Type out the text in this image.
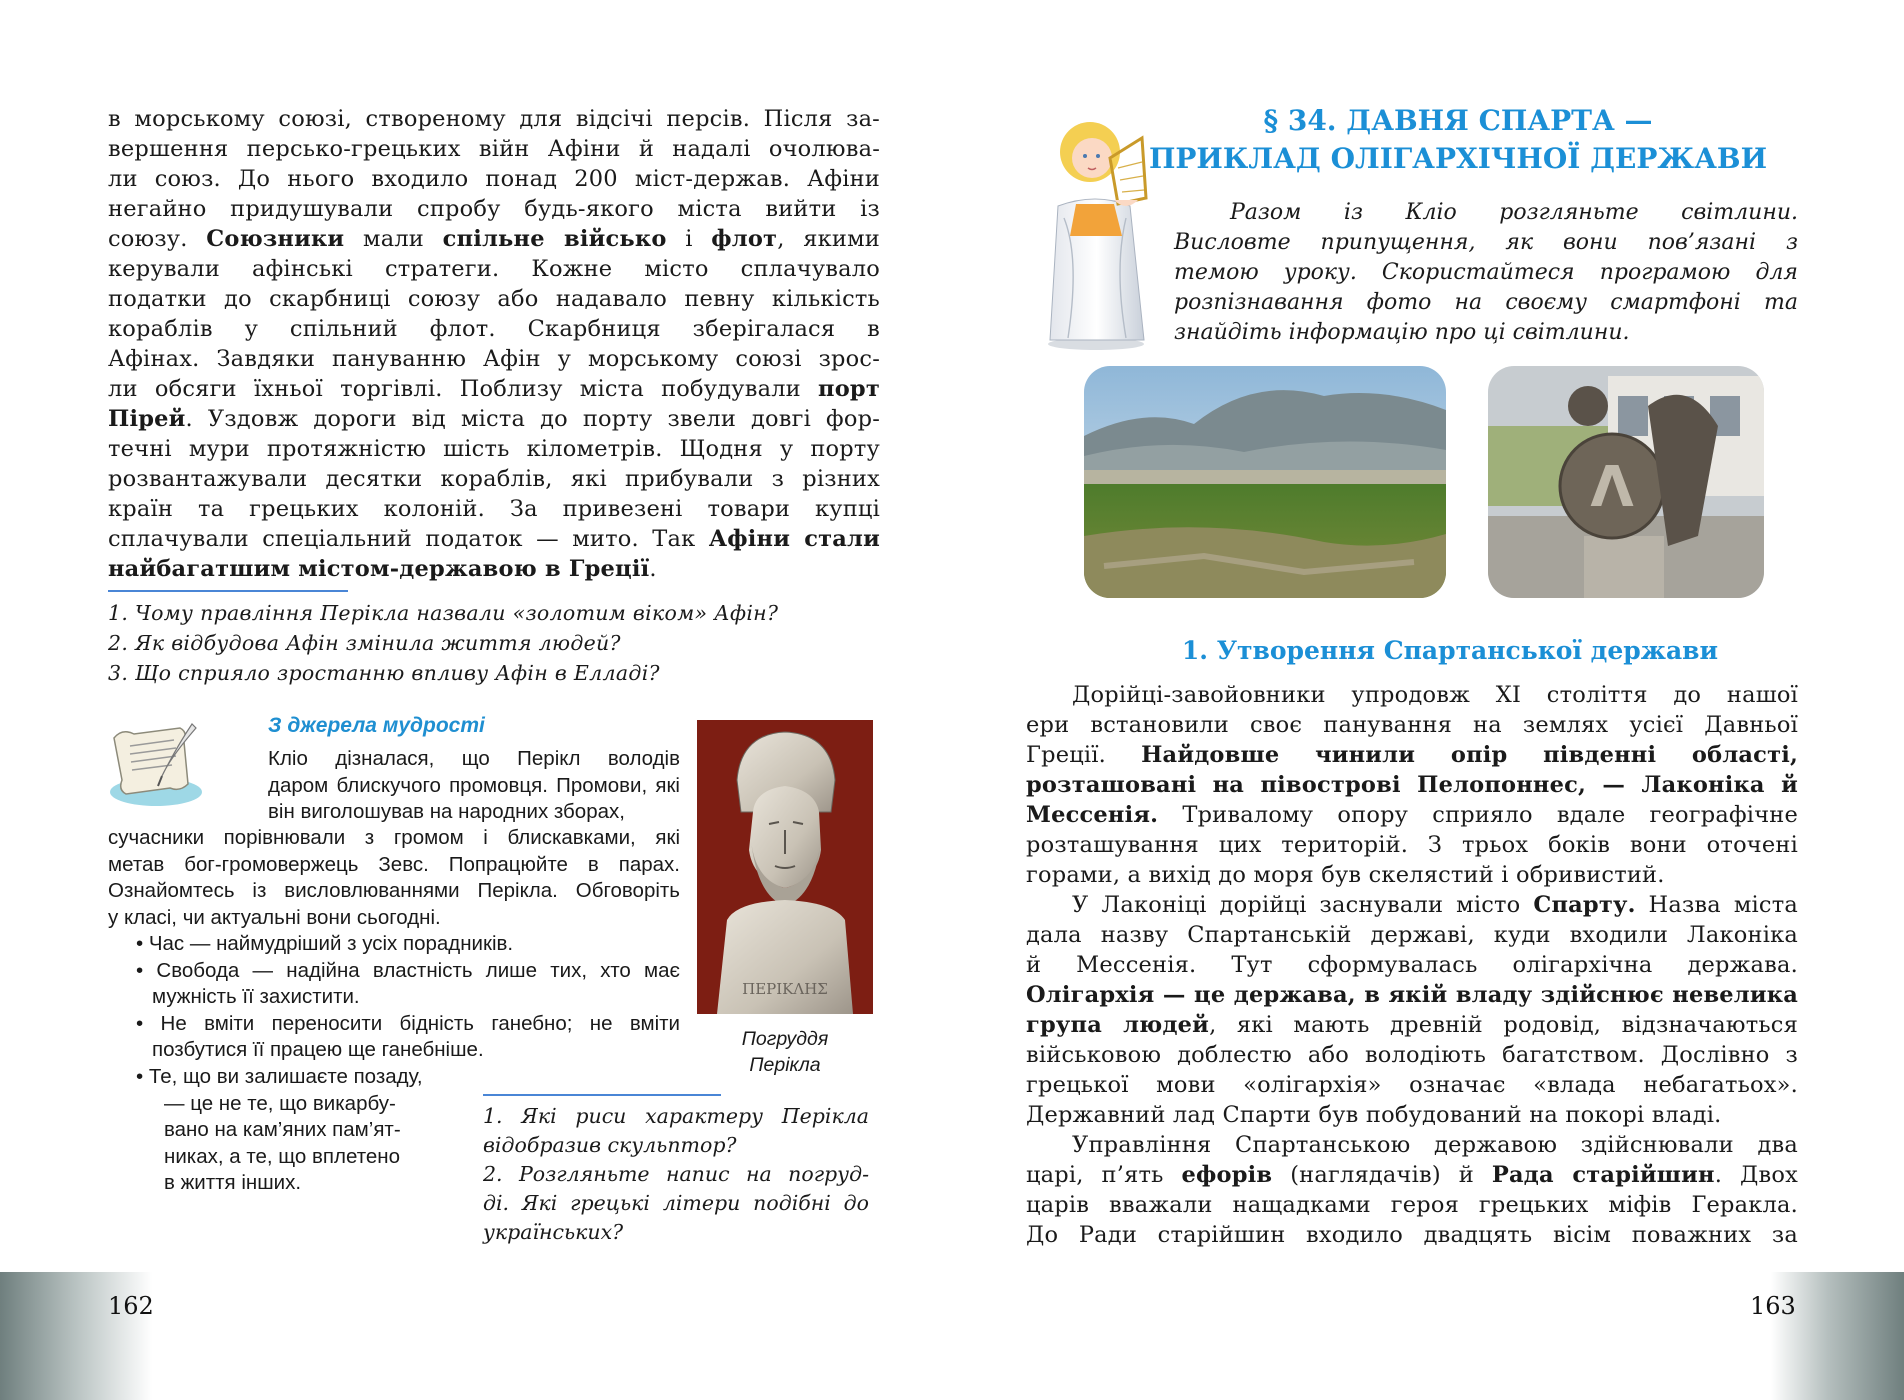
в морському союзі, створеному для відсічі персів. Після за-
вершення персько-грецьких війн Афіни й надалі очолюва-
ли союз. До нього входило понад 200 міст-держав. Афіни
негайно придушували спробу будь-якого міста вийти із
союзу. Союзники мали спільне військо і флот, якими
керували афінські стратеги. Кожне місто сплачувало
податки до скарбниці союзу або надавало певну кількість
кораблів у спільний флот. Скарбниця зберігалася в
Афінах. Завдяки пануванню Афін у морському союзі зрос-
ли обсяги їхньої торгівлі. Поблизу міста побудували порт
Пірей. Уздовж дороги від міста до порту звели довгі фор-
течні мури протяжністю шість кілометрів. Щодня у порту
розвантажували десятки кораблів, які прибували з різних
країн та грецьких колоній. За привезені товари купці
сплачували спеціальний податок — мито. Так Афіни стали
найбагатшим містом-державою в Греції.
1. Чому правління Перікла назвали «золотим віком» Афін?
2. Як відбудова Афін змінила життя людей?
3. Що сприяло зростанню впливу Афін в Елладі?
З джерела мудрості
Кліо дізналася, що Перікл володів
даром блискучого промовця. Промови, які
він виголошував на народних зборах,
сучасники порівнювали з громом і блискавками, які
метав бог-громовержець Зевс. Попрацюйте в парах.
Ознайомтесь із висловлюваннями Перікла. Обговоріть
у класі, чи актуальні вони сьогодні.
• Час — наймудріший з усіх порадників.
• Свобода — надійна властність лише тих, хто має
мужність її захистити.
• Не вміти переносити бідність ганебно; не вміти
позбутися її працею ще ганебніше.
• Те, що ви залишаєте позаду,
— це не те, що викарбу-
вано на кам’яних пам’ят-
никах, а те, що вплетено
в життя інших.
ΠΕΡΙΚΛΗΣ
Погруддя
Перікла
1. Які риси характеру Перікла
відобразив скульптор?
2. Розгляньте напис на погруд-
ді. Які грецькі літери подібні до
українських?
162
§ 34. ДАВНЯ СПАРТА —
ПРИКЛАД ОЛІГАРХІЧНОЇ ДЕРЖАВИ
Разом із Кліо розгляньте світлини.
Висловте припущення, як вони пов’язані з
темою уроку. Скористайтеся програмою для
розпізнавання фото на своєму смартфоні та
знайдіть інформацію про ці світлини.
Λ
1. Утворення Спартанської держави
Дорійці-завойовники упродовж XI століття до нашої
ери встановили своє панування на землях усієї Давньої
Греції. Найдовше чинили опір південні області,
розташовані на півострові Пелопоннес, — Лаконіка й
Мессенія. Тривалому опору сприяло вдале географічне
розташування цих територій. З трьох боків вони оточені
горами, а вихід до моря був скелястий і обривистий.
У Лаконіці дорійці заснували місто Спарту. Назва міста
дала назву Спартанській державі, куди входили Лаконіка
й Мессенія. Тут сформувалась олігархічна держава.
Олігархія — це держава, в якій владу здійснює невелика
група людей, які мають древній родовід, відзначаються
військовою доблестю або володіють багатством. Дослівно з
грецької мови «олігархія» означає «влада небагатьох».
Державний лад Спарти був побудований на покорі владі.
Управління Спартанською державою здійснювали два
царі, п’ять ефорів (наглядачів) й Рада старійшин. Двох
царів вважали нащадками героя грецьких міфів Геракла.
До Ради старійшин входило двадцять вісім поважних за
163
